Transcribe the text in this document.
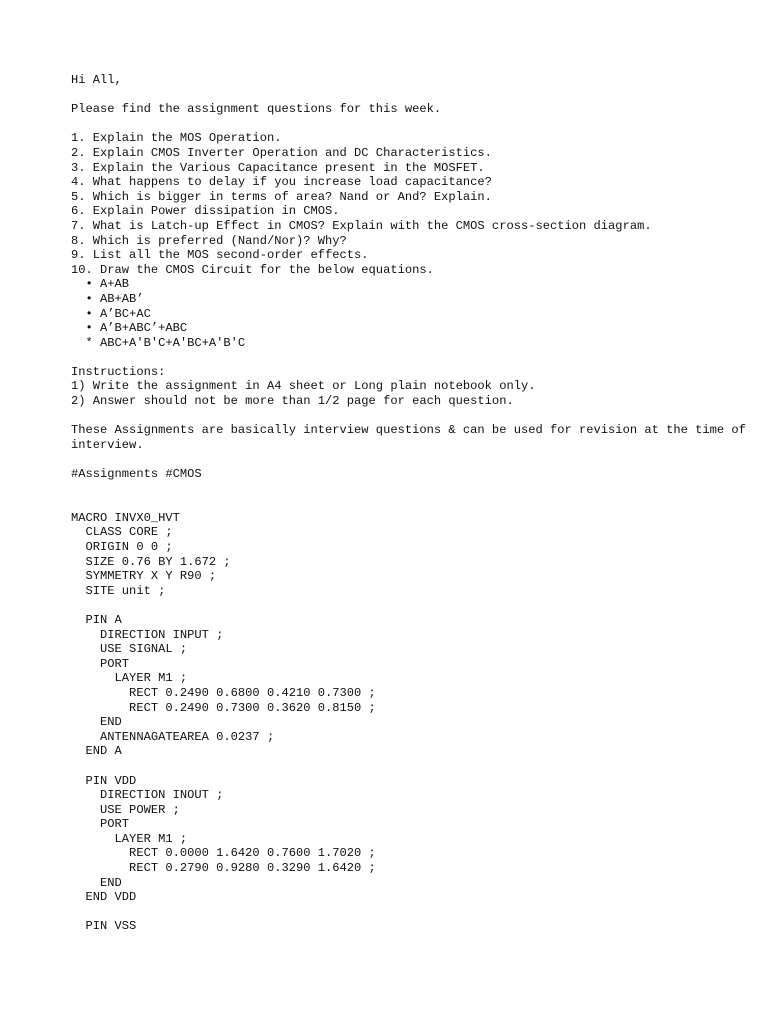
Hi All,
Please find the assignment questions for this week.
1. Explain the MOS Operation.
2. Explain CMOS Inverter Operation and DC Characteristics.
3. Explain the Various Capacitance present in the MOSFET.
4. What happens to delay if you increase load capacitance?
5. Which is bigger in terms of area? Nand or And? Explain.
6. Explain Power dissipation in CMOS.
7. What is Latch-up Effect in CMOS? Explain with the CMOS cross-section diagram.
8. Which is preferred (Nand/Nor)? Why?
9. List all the MOS second-order effects.
10. Draw the CMOS Circuit for the below equations.
• A+AB
• AB+AB’
• A’BC+AC
• A’B+ABC’+ABC
* ABC+A'B'C+A'BC+A'B'C
Instructions:
1) Write the assignment in A4 sheet or Long plain notebook only.
2) Answer should not be more than 1/2 page for each question.
These Assignments are basically interview questions & can be used for revision at the time of interview.
#Assignments #CMOS
MACRO INVX0_HVT
CLASS CORE ;
ORIGIN 0 0 ;
SIZE 0.76 BY 1.672 ;
SYMMETRY X Y R90 ;
SITE unit ;
PIN A
DIRECTION INPUT ;
USE SIGNAL ;
PORT
LAYER M1 ;
RECT 0.2490 0.6800 0.4210 0.7300 ;
RECT 0.2490 0.7300 0.3620 0.8150 ;
END
ANTENNAGATEAREA 0.0237 ;
END A
PIN VDD
DIRECTION INOUT ;
USE POWER ;
PORT
LAYER M1 ;
RECT 0.0000 1.6420 0.7600 1.7020 ;
RECT 0.2790 0.9280 0.3290 1.6420 ;
END
END VDD
PIN VSS
